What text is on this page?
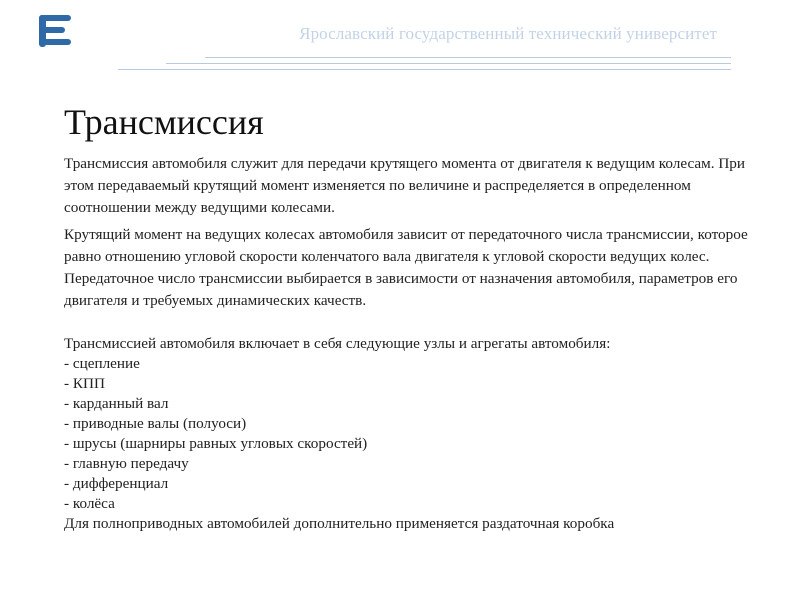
Ярославский государственный технический университет
Трансмиссия

Трансмиссия автомобиля служит для передачи крутящего момента от двигателя к ведущим колесам. При этом передаваемый крутящий момент изменяется по величине и распределяется в определенном соотношении между ведущими колесами.

Крутящий момент на ведущих колесах автомобиля зависит от передаточного числа трансмиссии, которое равно отношению угловой скорости коленчатого вала двигателя к угловой скорости ведущих колес. Передаточное число трансмиссии выбирается в зависимости от назначения автомобиля, параметров его двигателя и требуемых динамических качеств.

Трансмиссией автомобиля включает в себя следующие узлы и агрегаты автомобиля:
- сцепление
- КПП
- карданный вал
- приводные валы (полуоси)
- шрусы (шарниры равных угловых скоростей)
- главную передачу
- дифференциал
- колёса
Для полноприводных автомобилей дополнительно применяется раздаточная коробка
